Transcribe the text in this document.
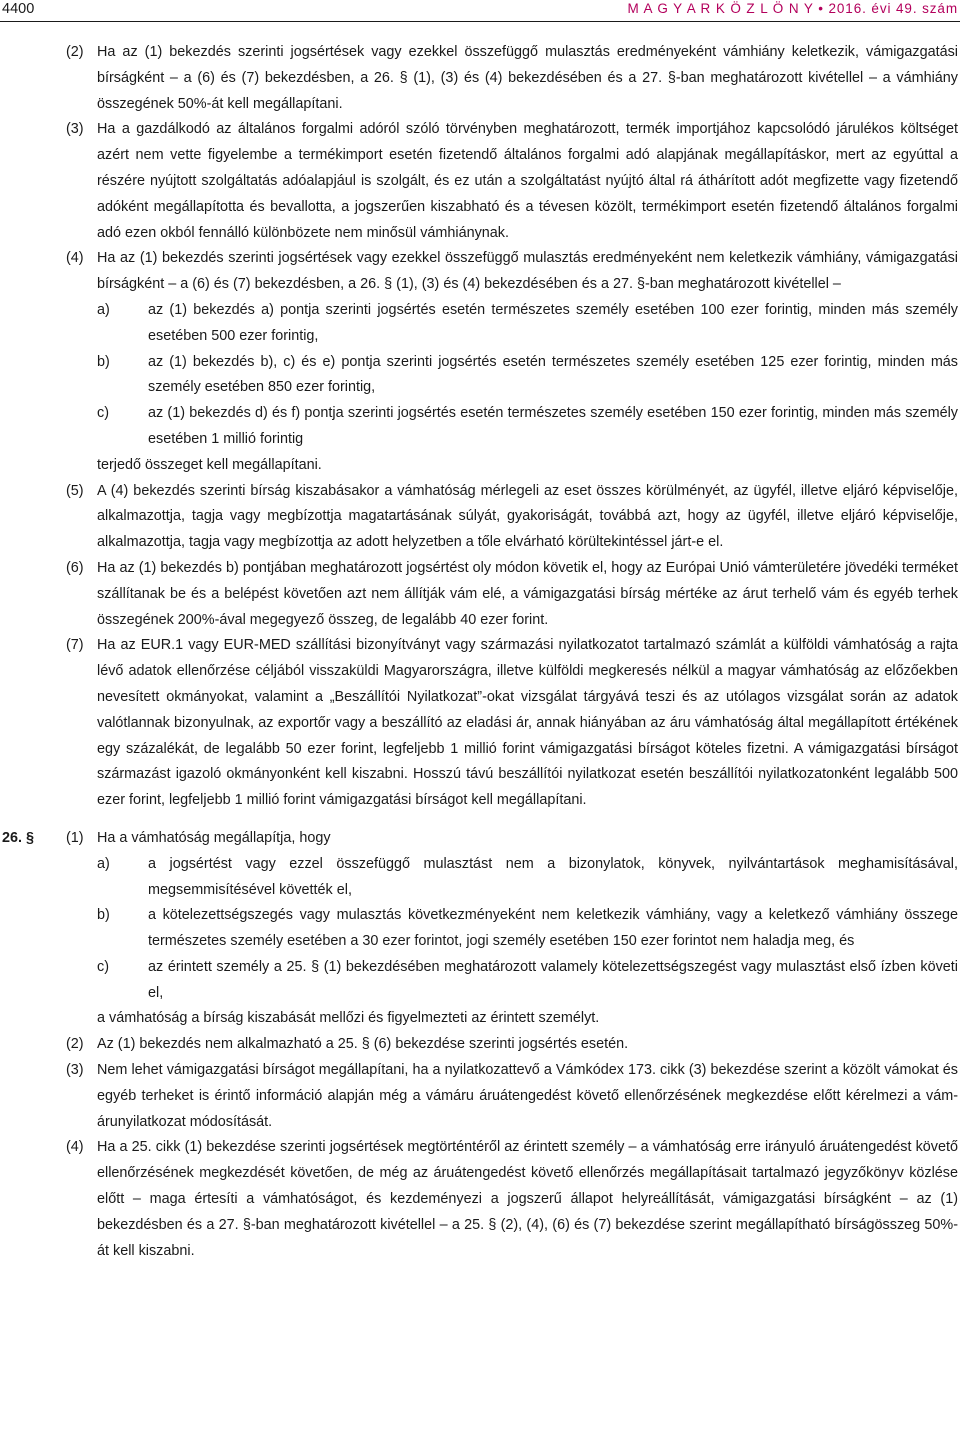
4400	M A G Y A R K Ö Z L Ö N Y • 2016. évi 49. szám
(2) Ha az (1) bekezdés szerinti jogsértések vagy ezekkel összefüggő mulasztás eredményeként vámhiány keletkezik, vámigazgatási bírságként – a (6) és (7) bekezdésben, a 26. § (1), (3) és (4) bekezdésében és a 27. §-ban meghatározott kivétellel – a vámhiány összegének 50%-át kell megállapítani.
(3) Ha a gazdálkodó az általános forgalmi adóról szóló törvényben meghatározott, termék importjához kapcsolódó járulékos költséget azért nem vette figyelembe a termékimport esetén fizetendő általános forgalmi adó alapjának megállapításkor, mert az egyúttal a részére nyújtott szolgáltatás adóalapjául is szolgált, és ez után a szolgáltatást nyújtó által rá áthárított adót megfizette vagy fizetendő adóként megállapította és bevallotta, a jogszerűen kiszabható és a tévesen közölt, termékimport esetén fizetendő általános forgalmi adó ezen okból fennálló különbözete nem minősül vámhiánynak.
(4) Ha az (1) bekezdés szerinti jogsértések vagy ezekkel összefüggő mulasztás eredményeként nem keletkezik vámhiány, vámigazgatási bírságként – a (6) és (7) bekezdésben, a 26. § (1), (3) és (4) bekezdésében és a 27. §-ban meghatározott kivétellel –
a)	az (1) bekezdés a) pontja szerinti jogsértés esetén természetes személy esetében 100 ezer forintig, minden más személy esetében 500 ezer forintig,
b)	az (1) bekezdés b), c) és e) pontja szerinti jogsértés esetén természetes személy esetében 125 ezer forintig, minden más személy esetében 850 ezer forintig,
c)	az (1) bekezdés d) és f) pontja szerinti jogsértés esetén természetes személy esetében 150 ezer forintig, minden más személy esetében 1 millió forintig
terjedő összeget kell megállapítani.
(5) A (4) bekezdés szerinti bírság kiszabásakor a vámhatóság mérlegeli az eset összes körülményét, az ügyfél, illetve eljáró képviselője, alkalmazottja, tagja vagy megbízottja magatartásának súlyát, gyakoriságát, továbbá azt, hogy az ügyfél, illetve eljáró képviselője, alkalmazottja, tagja vagy megbízottja az adott helyzetben a tőle elvárható körültekintéssel járt-e el.
(6) Ha az (1) bekezdés b) pontjában meghatározott jogsértést oly módon követik el, hogy az Európai Unió vámterületére jövedéki terméket szállítanak be és a belépést követően azt nem állítják vám elé, a vámigazgatási bírság mértéke az árut terhelő vám és egyéb terhek összegének 200%-ával megegyező összeg, de legalább 40 ezer forint.
(7) Ha az EUR.1 vagy EUR-MED szállítási bizonyítványt vagy származási nyilatkozatot tartalmazó számlát a külföldi vámhatóság a rajta lévő adatok ellenőrzése céljából visszaküldi Magyarországra, illetve külföldi megkeresés nélkül a magyar vámhatóság az előzőekben nevesített okmányokat, valamint a „Beszállítói Nyilatkozat”-okat vizsgálat tárgyává teszi és az utólagos vizsgálat során az adatok valótlannak bizonyulnak, az exportőr vagy a beszállító az eladási ár, annak hiányában az áru vámhatóság által megállapított értékének egy százalékát, de legalább 50 ezer forint, legfeljebb 1 millió forint vámigazgatási bírságot köteles fizetni. A vámigazgatási bírságot származást igazoló okmányonként kell kiszabni. Hosszú távú beszállítói nyilatkozat esetén beszállítói nyilatkozatonként legalább 500 ezer forint, legfeljebb 1 millió forint vámigazgatási bírságot kell megállapítani.
26. § (1) Ha a vámhatóság megállapítja, hogy
a)	a jogsértést vagy ezzel összefüggő mulasztást nem a bizonylatok, könyvek, nyilvántartások meghamisításával, megsemmisítésével követték el,
b)	a kötelezettségszegés vagy mulasztás következményeként nem keletkezik vámhiány, vagy a keletkező vámhiány összege természetes személy esetében a 30 ezer forintot, jogi személy esetében 150 ezer forintot nem haladja meg, és
c)	az érintett személy a 25. § (1) bekezdésében meghatározott valamely kötelezettségszegést vagy mulasztást első ízben követi el,
a vámhatóság a bírság kiszabását mellőzi és figyelmezteti az érintett személyt.
(2) Az (1) bekezdés nem alkalmazható a 25. § (6) bekezdése szerinti jogsértés esetén.
(3) Nem lehet vámigazgatási bírságot megállapítani, ha a nyilatkozattevő a Vámkódex 173. cikk (3) bekezdése szerint a közölt vámokat és egyéb terheket is érintő információ alapján még a vámáru áruátengedést követő ellenőrzésének megkezdése előtt kérelmezi a vám-árunyilatkozat módosítását.
(4) Ha a 25. cikk (1) bekezdése szerinti jogsértések megtörténtéről az érintett személy – a vámhatóság erre irányuló áruátengedést követő ellenőrzésének megkezdését követően, de még az áruátengedést követő ellenőrzés megállapításait tartalmazó jegyzőkönyv közlése előtt – maga értesíti a vámhatóságot, és kezdeményezi a jogszerű állapot helyreállítását, vámigazgatási bírságként – az (1) bekezdésben és a 27. §-ban meghatározott kivétellel – a 25. § (2), (4), (6) és (7) bekezdése szerint megállapítható bírságösszeg 50%-át kell kiszabni.
